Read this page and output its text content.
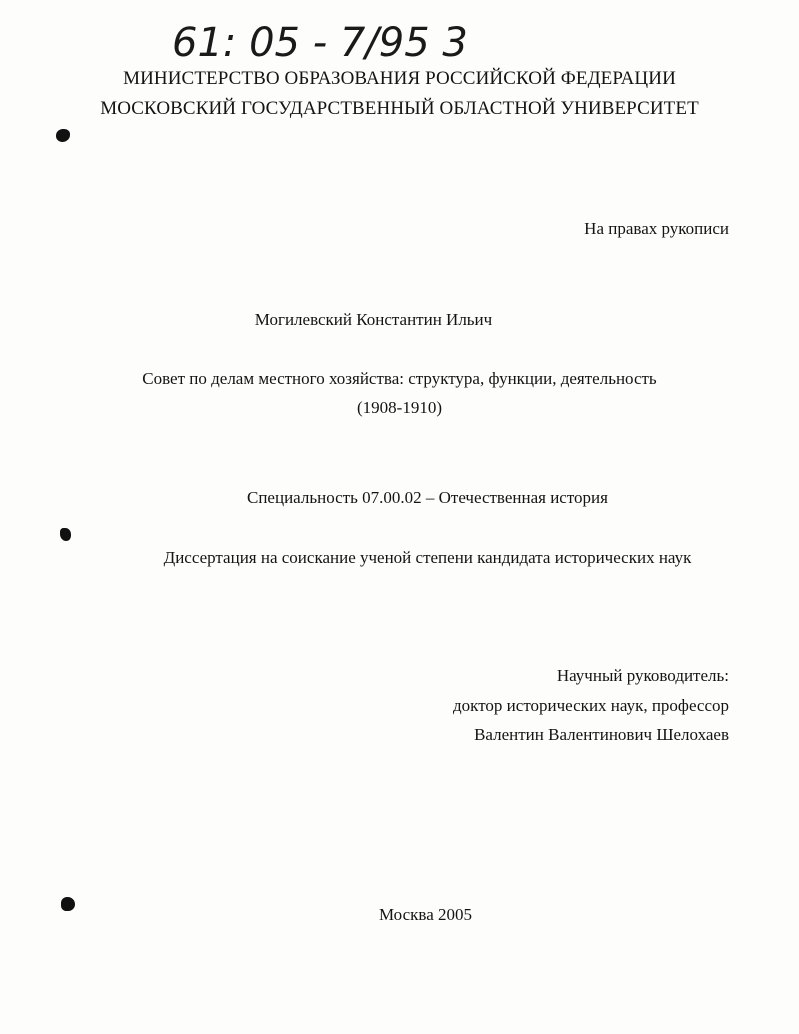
61: 05 - 7/95 3
МИНИСТЕРСТВО ОБРАЗОВАНИЯ РОССИЙСКОЙ ФЕДЕРАЦИИ
МОСКОВСКИЙ ГОСУДАРСТВЕННЫЙ ОБЛАСТНОЙ УНИВЕРСИТЕТ
На правах рукописи
Могилевский Константин Ильич
Совет по делам местного хозяйства: структура, функции, деятельность
(1908-1910)
Специальность 07.00.02 – Отечественная история
Диссертация на соискание ученой степени кандидата исторических наук
Научный руководитель:
доктор исторических наук, профессор
Валентин Валентинович Шелохаев
Москва 2005
